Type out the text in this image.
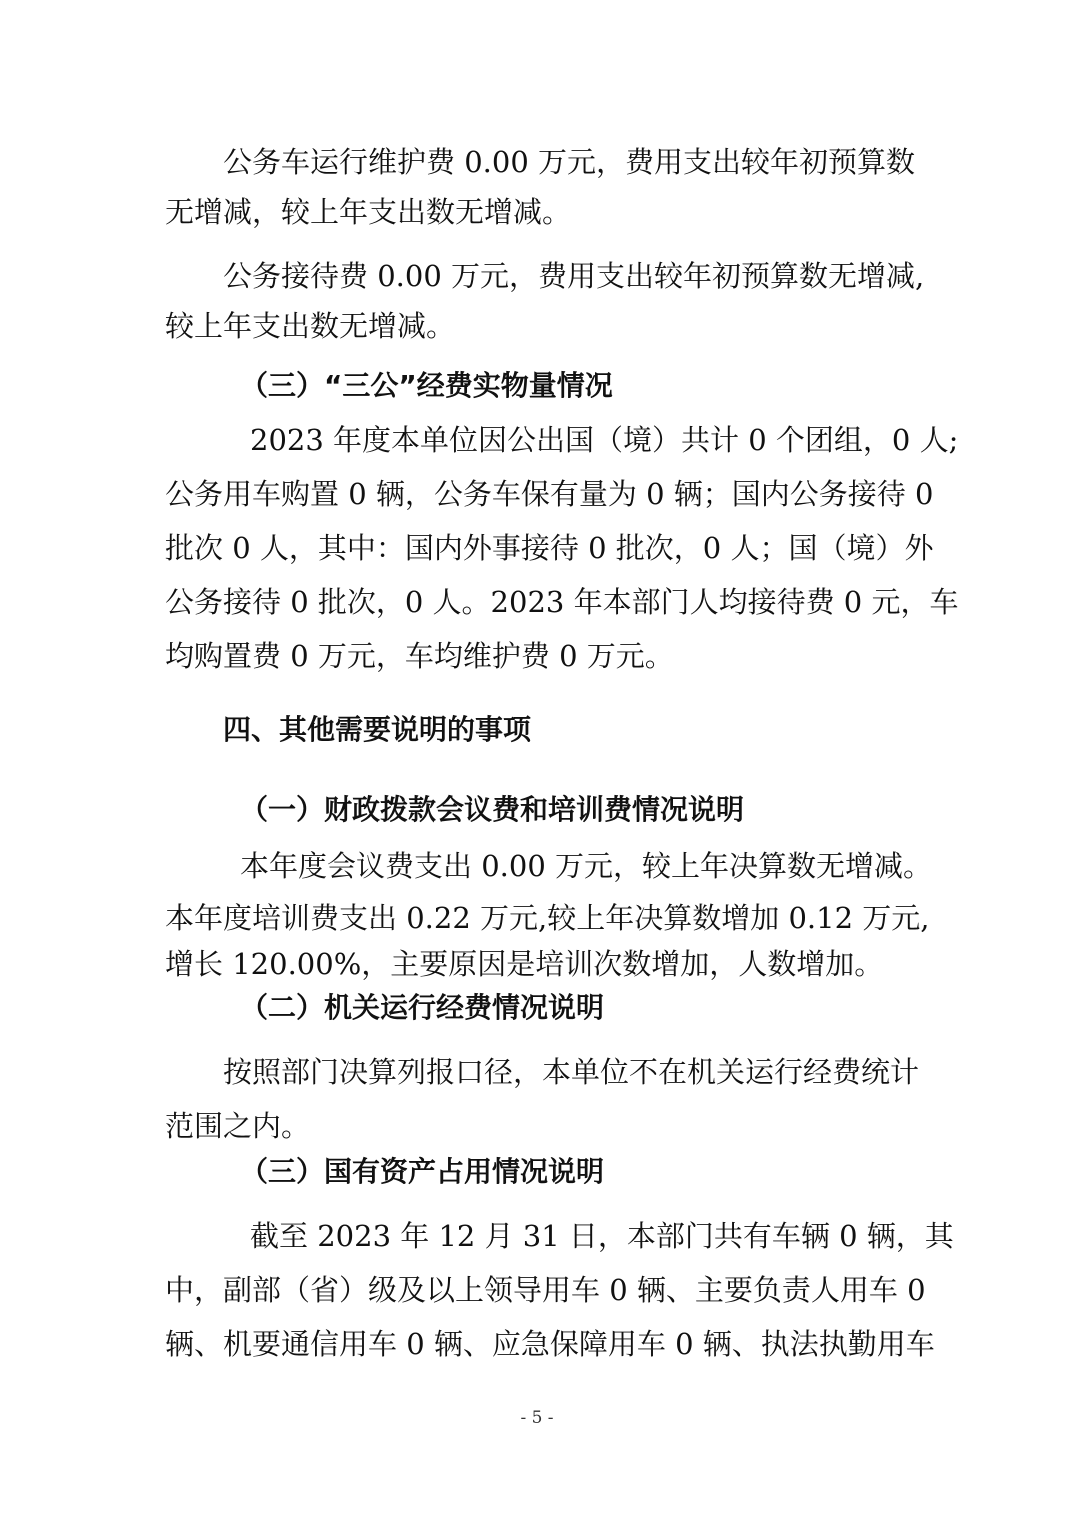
公务车运行维护费 0.00 万元，费用支出较年初预算数
无增减，较上年支出数无增减。
公务接待费 0.00 万元，费用支出较年初预算数无增减,
较上年支出数无增减。
（三）“三公”经费实物量情况
2023 年度本单位因公出国（境）共计 0 个团组，0 人;
公务用车购置 0 辆，公务车保有量为 0 辆；国内公务接待 0
批次 0 人，其中：国内外事接待 0 批次，0 人；国（境）外
公务接待 0 批次，0 人。2023 年本部门人均接待费 0 元，车
均购置费 0 万元，车均维护费 0 万元。
四、其他需要说明的事项
（一）财政拨款会议费和培训费情况说明
本年度会议费支出 0.00 万元，较上年决算数无增减。
本年度培训费支出 0.22 万元,较上年决算数增加 0.12 万元,
增长 120.00%，主要原因是培训次数增加，人数增加。
（二）机关运行经费情况说明
按照部门决算列报口径，本单位不在机关运行经费统计
范围之内。
（三）国有资产占用情况说明
截至 2023 年 12 月 31 日，本部门共有车辆 0 辆，其
中，副部（省）级及以上领导用车 0 辆、主要负责人用车 0
辆、机要通信用车 0 辆、应急保障用车 0 辆、执法执勤用车
- 5 -
